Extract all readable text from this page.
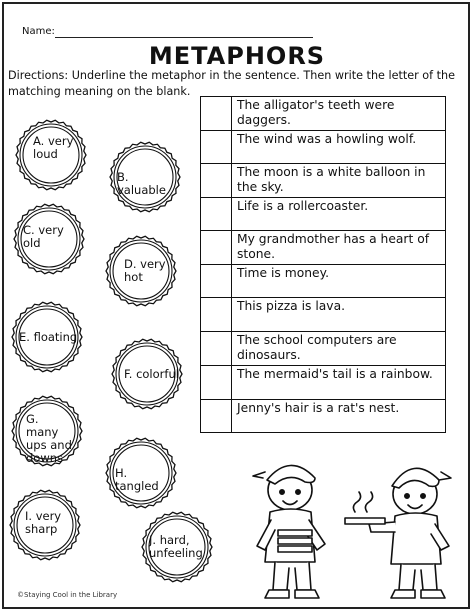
Name:
METAPHORS
Directions: Underline the metaphor in the sentence. Then write the letter of the matching meaning on the blank.
	The alligator's teeth were daggers.
	The wind was a howling wolf.
	The moon is a white balloon in the sky.
	Life is a rollercoaster.
	My grandmother has a heart of stone.
	Time is money.
	This pizza is lava.
	The school computers are dinosaurs.
	The mermaid's tail is a rainbow.
	Jenny's hair is a rat's nest.
A. very loud
B. valuable
C. very old
D. very hot
E. floating
F. colorful
G. many ups and downs
H. tangled
I. very sharp
J. hard, unfeeling
©Staying Cool in the Library
